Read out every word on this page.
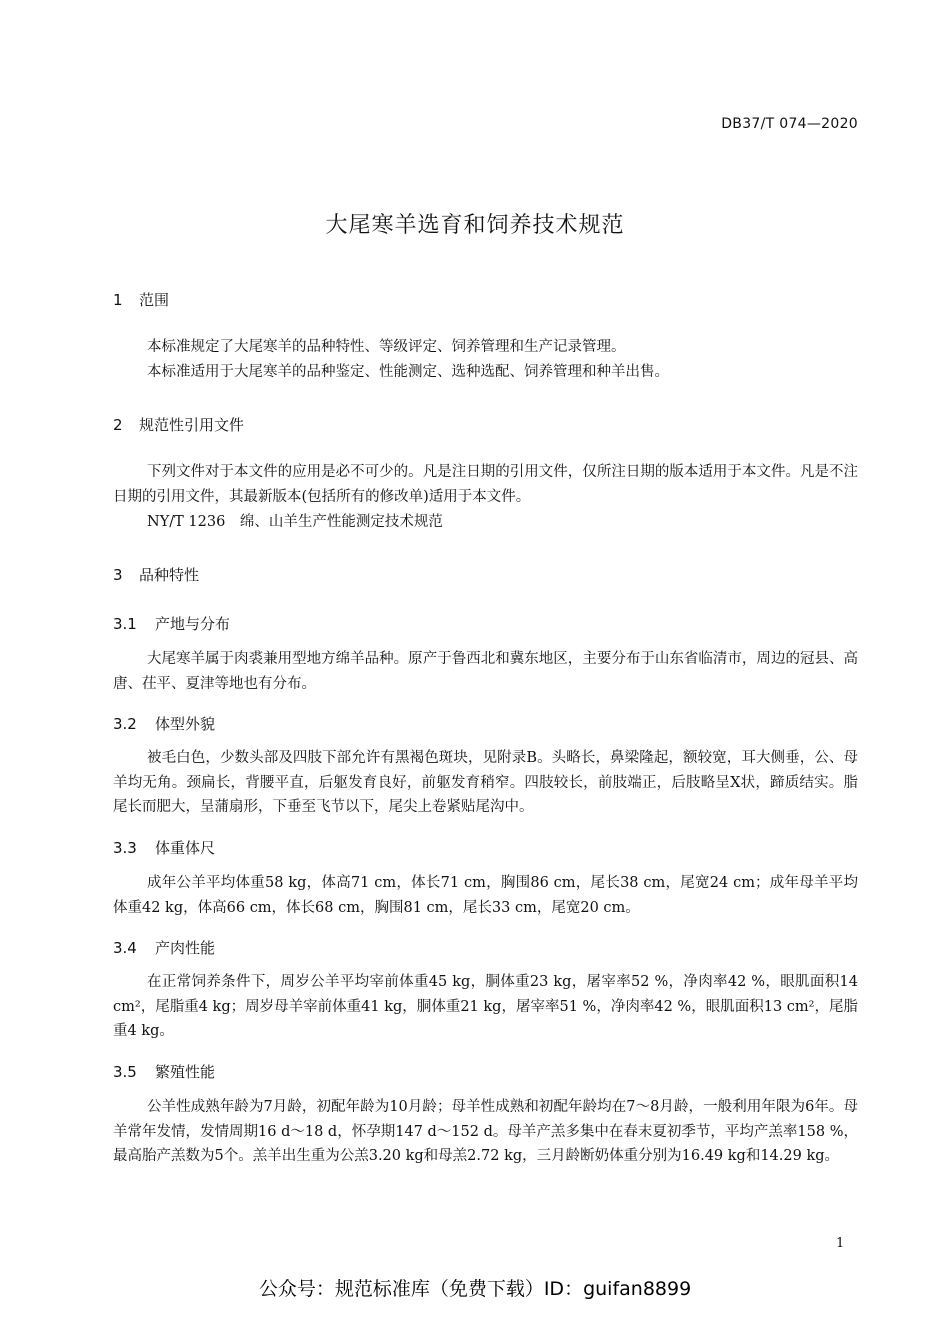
DB37/T 074—2020
大尾寒羊选育和饲养技术规范
1 范围

本标准规定了大尾寒羊的品种特性、等级评定、饲养管理和生产记录管理。

本标准适用于大尾寒羊的品种鉴定、性能测定、选种选配、饲养管理和种羊出售。

2 规范性引用文件

下列文件对于本文件的应用是必不可少的。凡是注日期的引用文件，仅所注日期的版本适用于本文件。凡是不注日期的引用文件，其最新版本(包括所有的修改单)适用于本文件。

NY/T 1236　绵、山羊生产性能测定技术规范

3 品种特性
3.1 产地与分布

大尾寒羊属于肉裘兼用型地方绵羊品种。原产于鲁西北和冀东地区，主要分布于山东省临清市，周边的冠县、高唐、茌平、夏津等地也有分布。

3.2 体型外貌

被毛白色，少数头部及四肢下部允许有黑褐色斑块，见附录B。头略长，鼻梁隆起，额较宽，耳大侧垂，公、母羊均无角。颈扁长，背腰平直，后躯发育良好，前躯发育稍窄。四肢较长，前肢端正，后肢略呈X状，蹄质结实。脂尾长而肥大，呈蒲扇形，下垂至飞节以下，尾尖上卷紧贴尾沟中。

3.3 体重体尺

成年公羊平均体重58 kg，体高71 cm，体长71 cm，胸围86 cm，尾长38 cm，尾宽24 cm；成年母羊平均体重42 kg，体高66 cm，体长68 cm，胸围81 cm，尾长33 cm，尾宽20 cm。

3.4 产肉性能

在正常饲养条件下，周岁公羊平均宰前体重45 kg，胴体重23 kg，屠宰率52 %，净肉率42 %，眼肌面积14 cm²，尾脂重4 kg；周岁母羊宰前体重41 kg，胴体重21 kg，屠宰率51 %，净肉率42 %，眼肌面积13 cm²，尾脂重4 kg。

3.5 繁殖性能

公羊性成熟年龄为7月龄，初配年龄为10月龄；母羊性成熟和初配年龄均在7～8月龄，一般利用年限为6年。母羊常年发情，发情周期16 d～18 d，怀孕期147 d～152 d。母羊产羔多集中在春末夏初季节，平均产羔率158 %，最高胎产羔数为5个。羔羊出生重为公羔3.20 kg和母羔2.72 kg，三月龄断奶体重分别为16.49 kg和14.29 kg。

1
公众号：规范标准库（免费下载）ID：guifan8899
